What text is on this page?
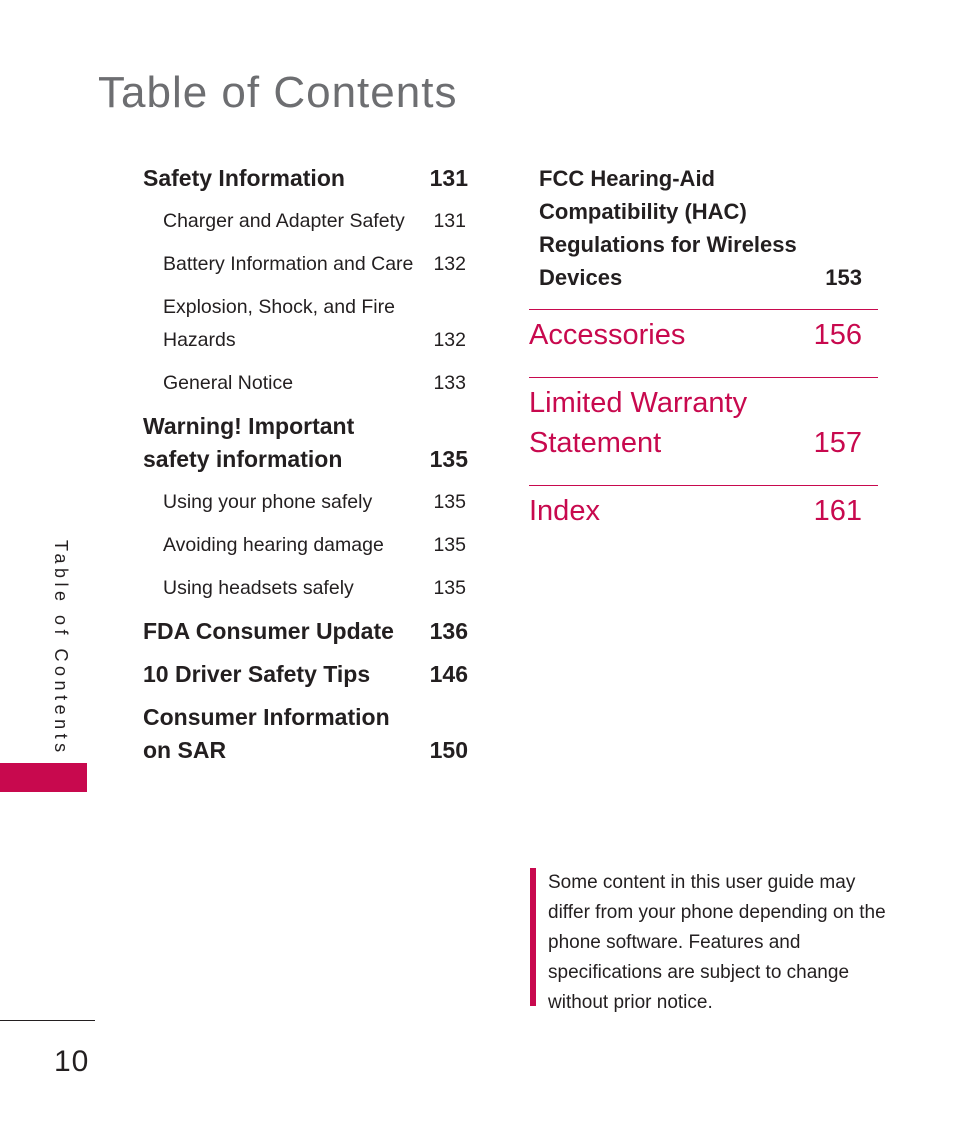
Table of Contents
Safety Information	131
Charger and Adapter Safety	131
Battery Information and Care	132
Explosion, Shock, and Fire Hazards	132
General Notice	133
Warning! Important safety information	135
Using your phone safely	135
Avoiding hearing damage	135
Using headsets safely	135
FDA Consumer Update	136
10 Driver Safety Tips	146
Consumer Information on SAR	150
FCC Hearing-Aid Compatibility (HAC) Regulations for Wireless Devices	153
Accessories	156
Limited Warranty Statement	157
Index	161
Table of Contents

Some content in this user guide may differ from your phone depending on the phone software. Features and specifications are subject to change without prior notice.

10
